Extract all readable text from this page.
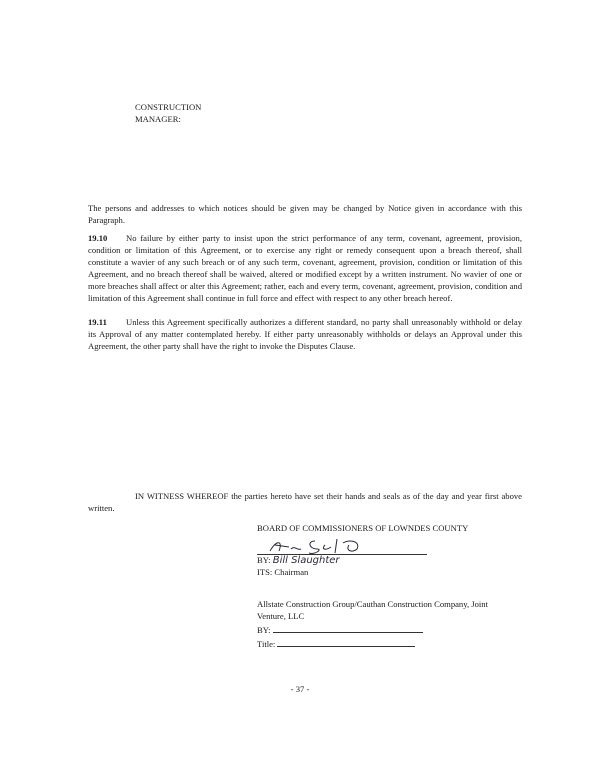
CONSTRUCTION
MANAGER:
The persons and addresses to which notices should be given may be changed by Notice given in accordance with this Paragraph.
19.10 No failure by either party to insist upon the strict performance of any term, covenant, agreement, provision, condition or limitation of this Agreement, or to exercise any right or remedy consequent upon a breach thereof, shall constitute a wavier of any such breach or of any such term, covenant, agreement, provision, condition or limitation of this Agreement, and no breach thereof shall be waived, altered or modified except by a written instrument. No wavier of one or more breaches shall affect or alter this Agreement; rather, each and every term, covenant, agreement, provision, condition and limitation of this Agreement shall continue in full force and effect with respect to any other breach hereof.
19.11 Unless this Agreement specifically authorizes a different standard, no party shall unreasonably withhold or delay its Approval of any matter contemplated hereby. If either party unreasonably withholds or delays an Approval under this Agreement, the other party shall have the right to invoke the Disputes Clause.
IN WITNESS WHEREOF the parties hereto have set their hands and seals as of the day and year first above written.
BOARD OF COMMISSIONERS OF LOWNDES COUNTY
BY: Bill Slaughter
ITS: Chairman
Allstate Construction Group/Cauthan Construction Company, Joint Venture, LLC
BY:
Title:
- 37 -
